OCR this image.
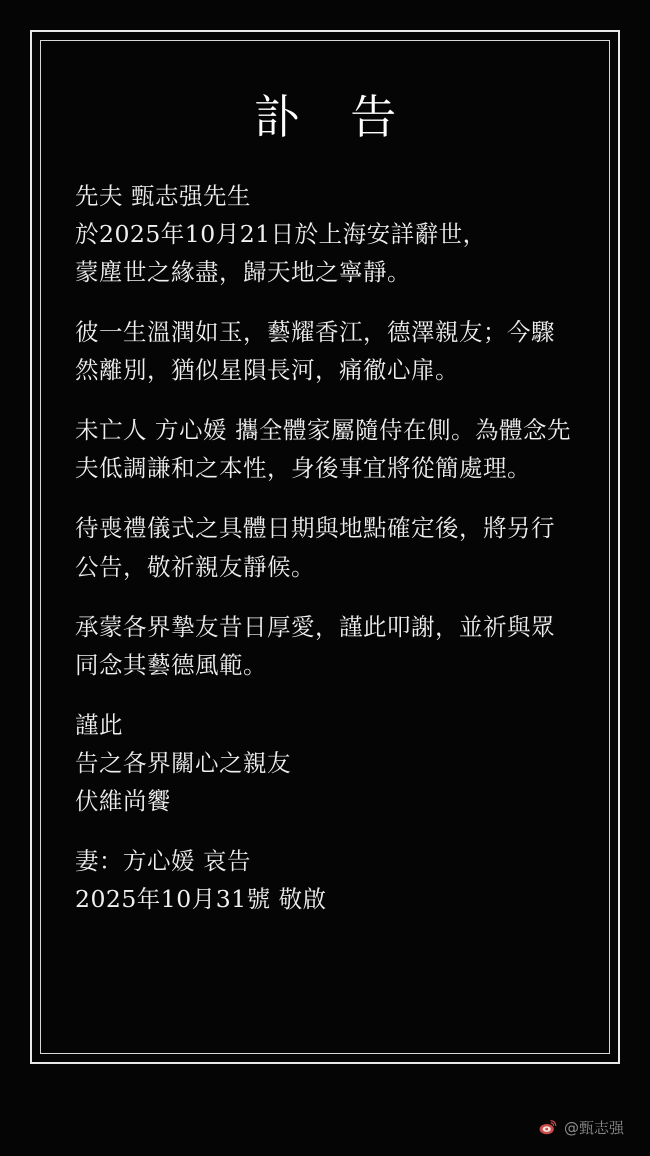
訃 告

先夫 甄志强先生
於2025年10月21日於上海安詳辭世，
蒙塵世之緣盡，歸天地之寧靜。

彼一生溫潤如玉，藝耀香江，德澤親友；今驟然離別，猶似星隕長河，痛徹心扉。

未亡人 方心媛 攜全體家屬隨侍在側。為體念先夫低調謙和之本性，身後事宜將從簡處理。

待喪禮儀式之具體日期與地點確定後，將另行公告，敬祈親友靜候。

承蒙各界摯友昔日厚愛，謹此叩謝，並祈與眾同念其藝德風範。

謹此
告之各界關心之親友
伏維尚饗

妻：方心媛 哀告
2025年10月31號 敬啟

@甄志强
